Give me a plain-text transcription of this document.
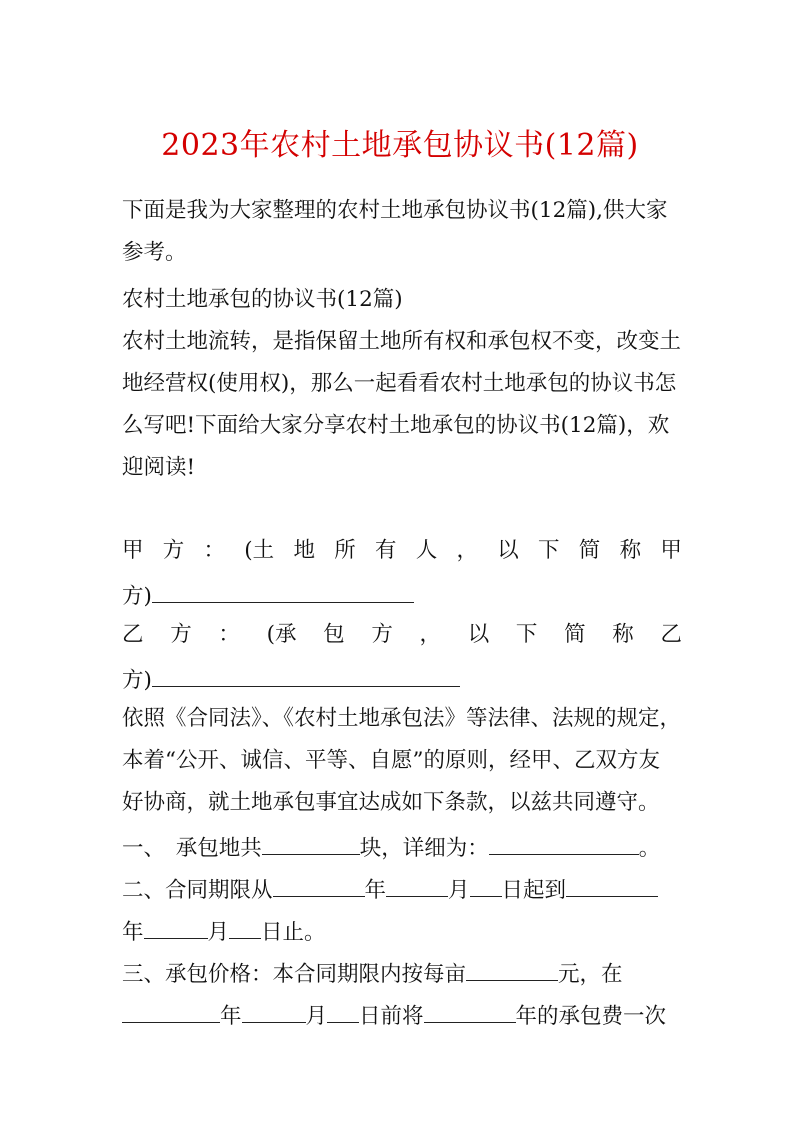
2023年农村土地承包协议书(12篇)
下面是我为大家整理的农村土地承包协议书(12篇),供大家
参考。
农村土地承包的协议书(12篇)
农村土地流转，是指保留土地所有权和承包权不变，改变土
地经营权(使用权)，那么一起看看农村土地承包的协议书怎
么写吧!下面给大家分享农村土地承包的协议书(12篇)，欢
迎阅读!
甲 方 ： (土 地 所 有 人 ， 以 下 简 称 甲
方)
乙 方 ： (承 包 方 ， 以 下 简 称 乙
方)
依照《合同法》、《农村土地承包法》等法律、法规的规定，
本着“公开、诚信、平等、自愿”的原则，经甲、乙双方友
好协商，就土地承包事宜达成如下条款，以兹共同遵守。
一、　承包地共	块，详细为：	。
二、合同期限从	年	月 日起到
年	月 日止。
三、承包价格：本合同期限内按每亩	元，在
年	月 日前将	年的承包费一次
